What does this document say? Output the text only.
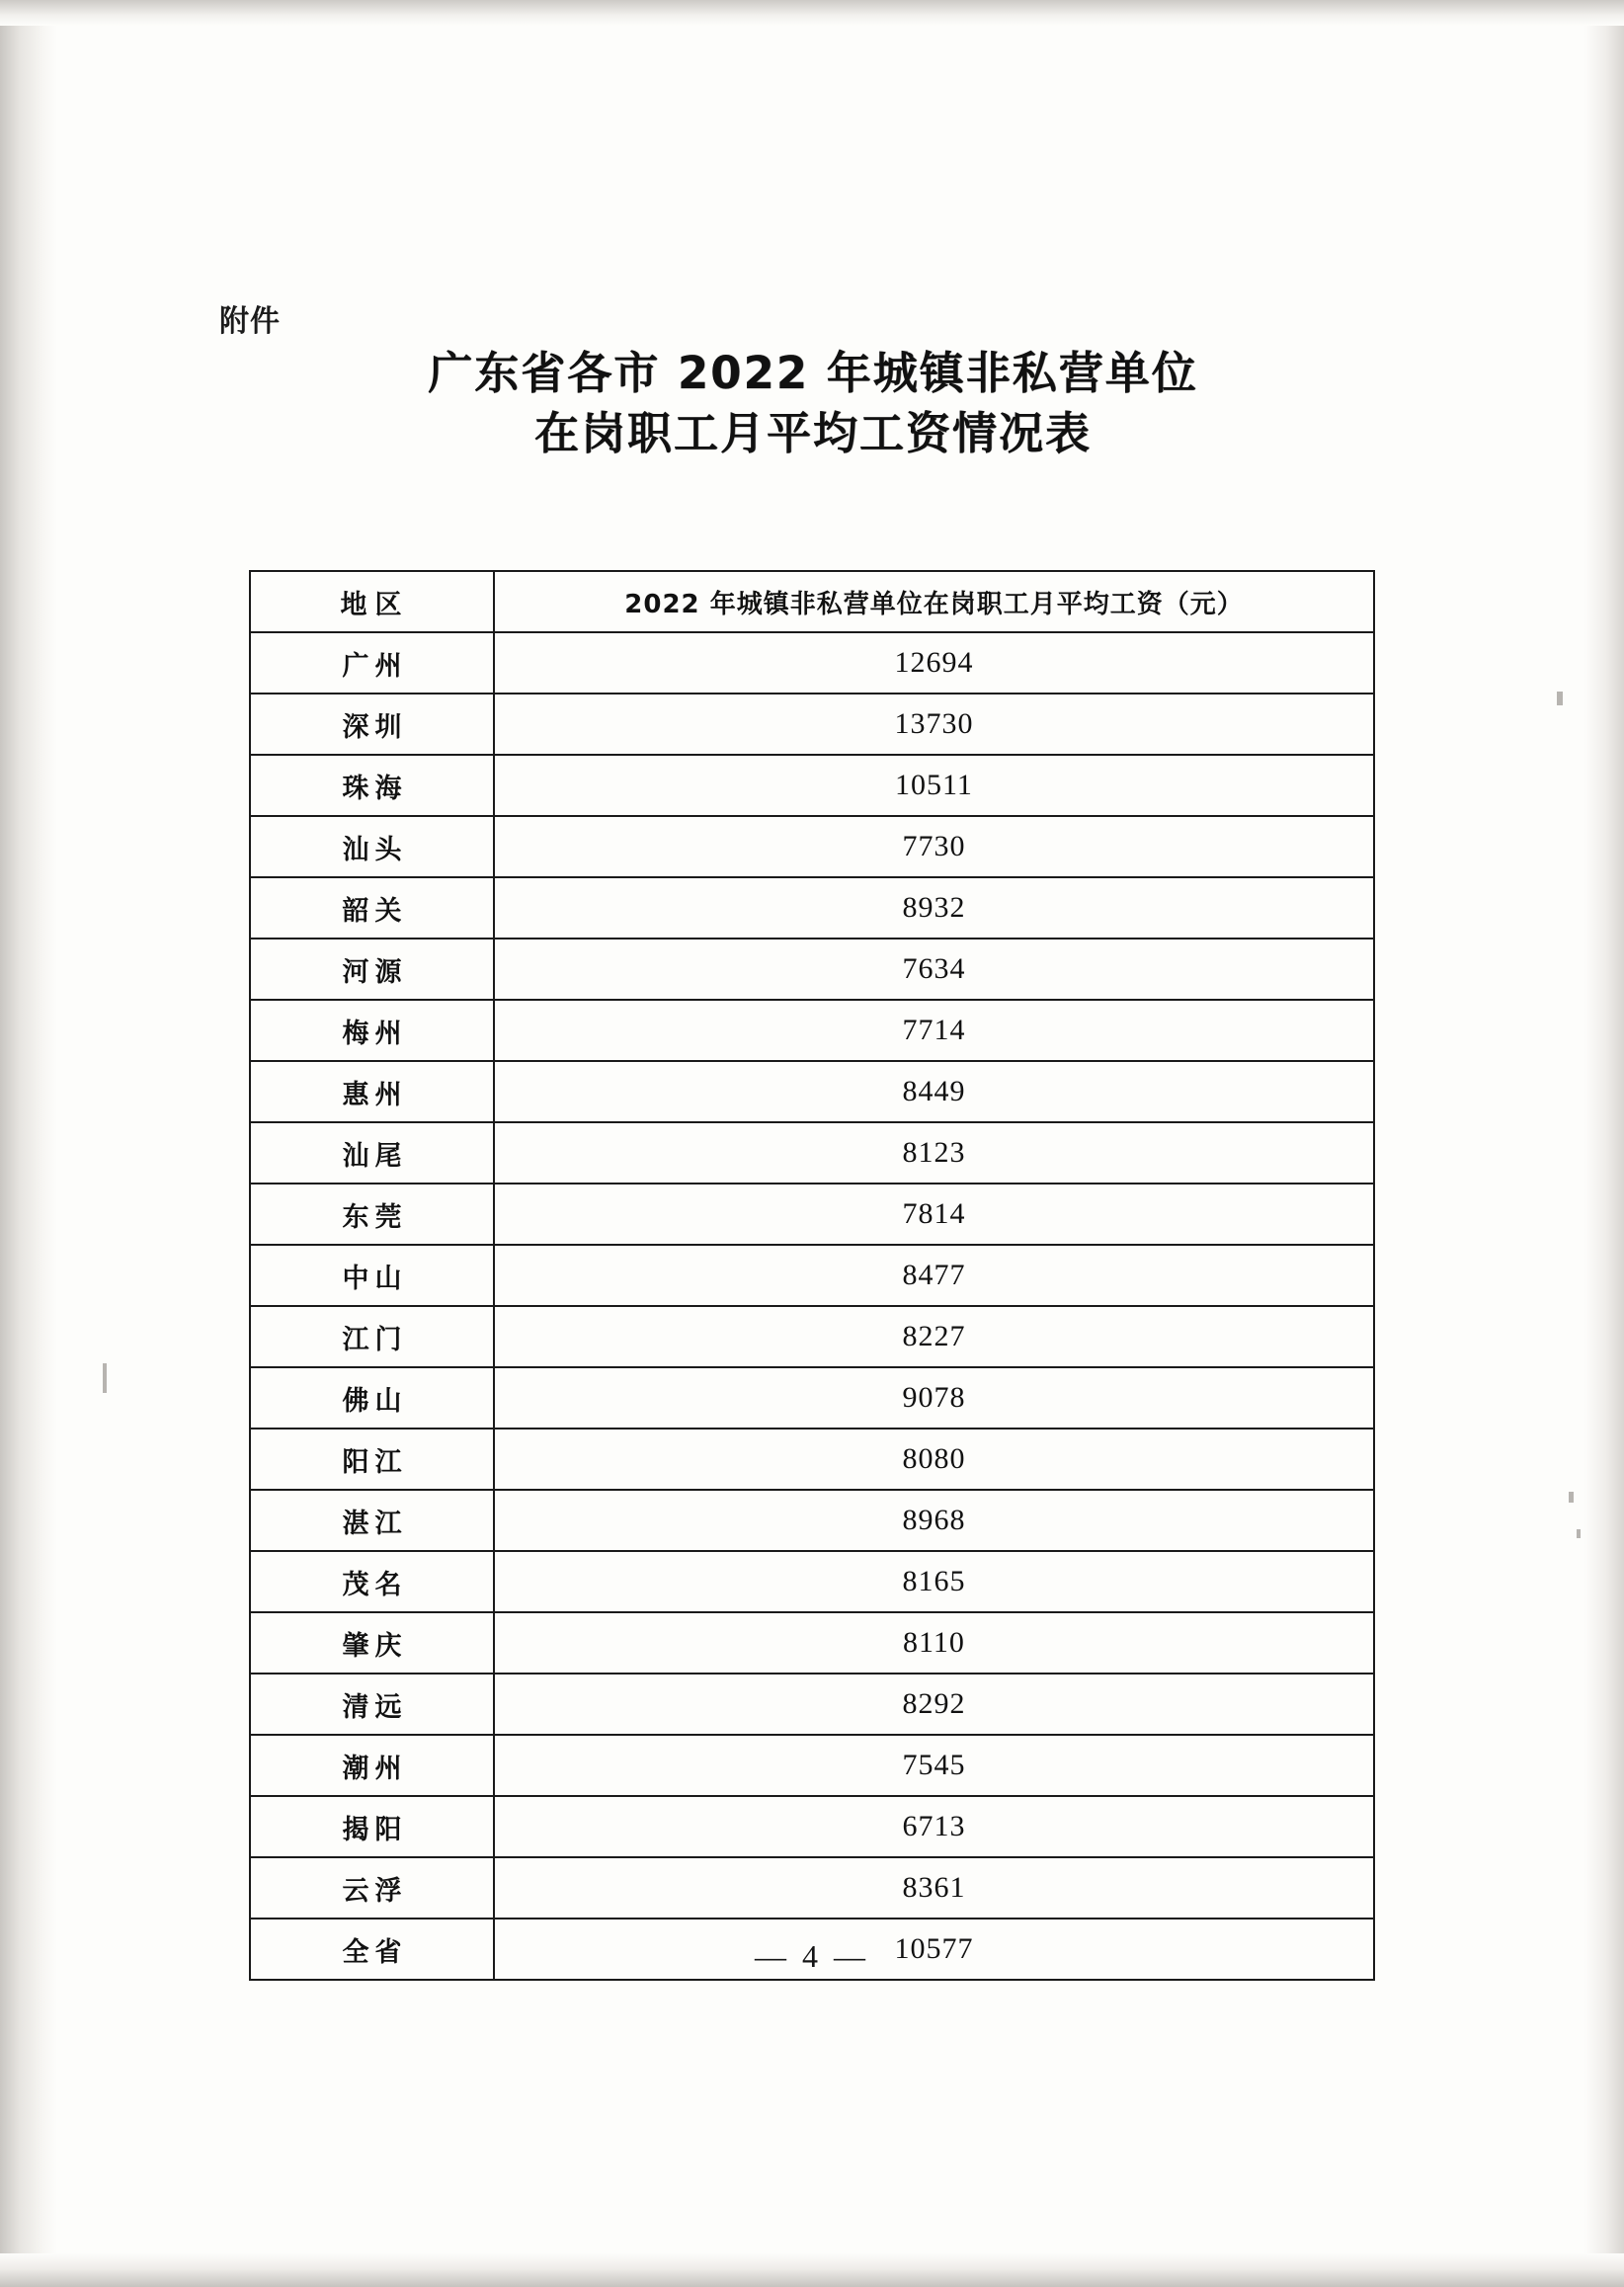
附件
广东省各市 2022 年城镇非私营单位
在岗职工月平均工资情况表
地区	2022 年城镇非私营单位在岗职工月平均工资（元）
广州	12694
深圳	13730
珠海	10511
汕头	7730
韶关	8932
河源	7634
梅州	7714
惠州	8449
汕尾	8123
东莞	7814
中山	8477
江门	8227
佛山	9078
阳江	8080
湛江	8968
茂名	8165
肇庆	8110
清远	8292
潮州	7545
揭阳	6713
云浮	8361
全省	10577
— 4 —
